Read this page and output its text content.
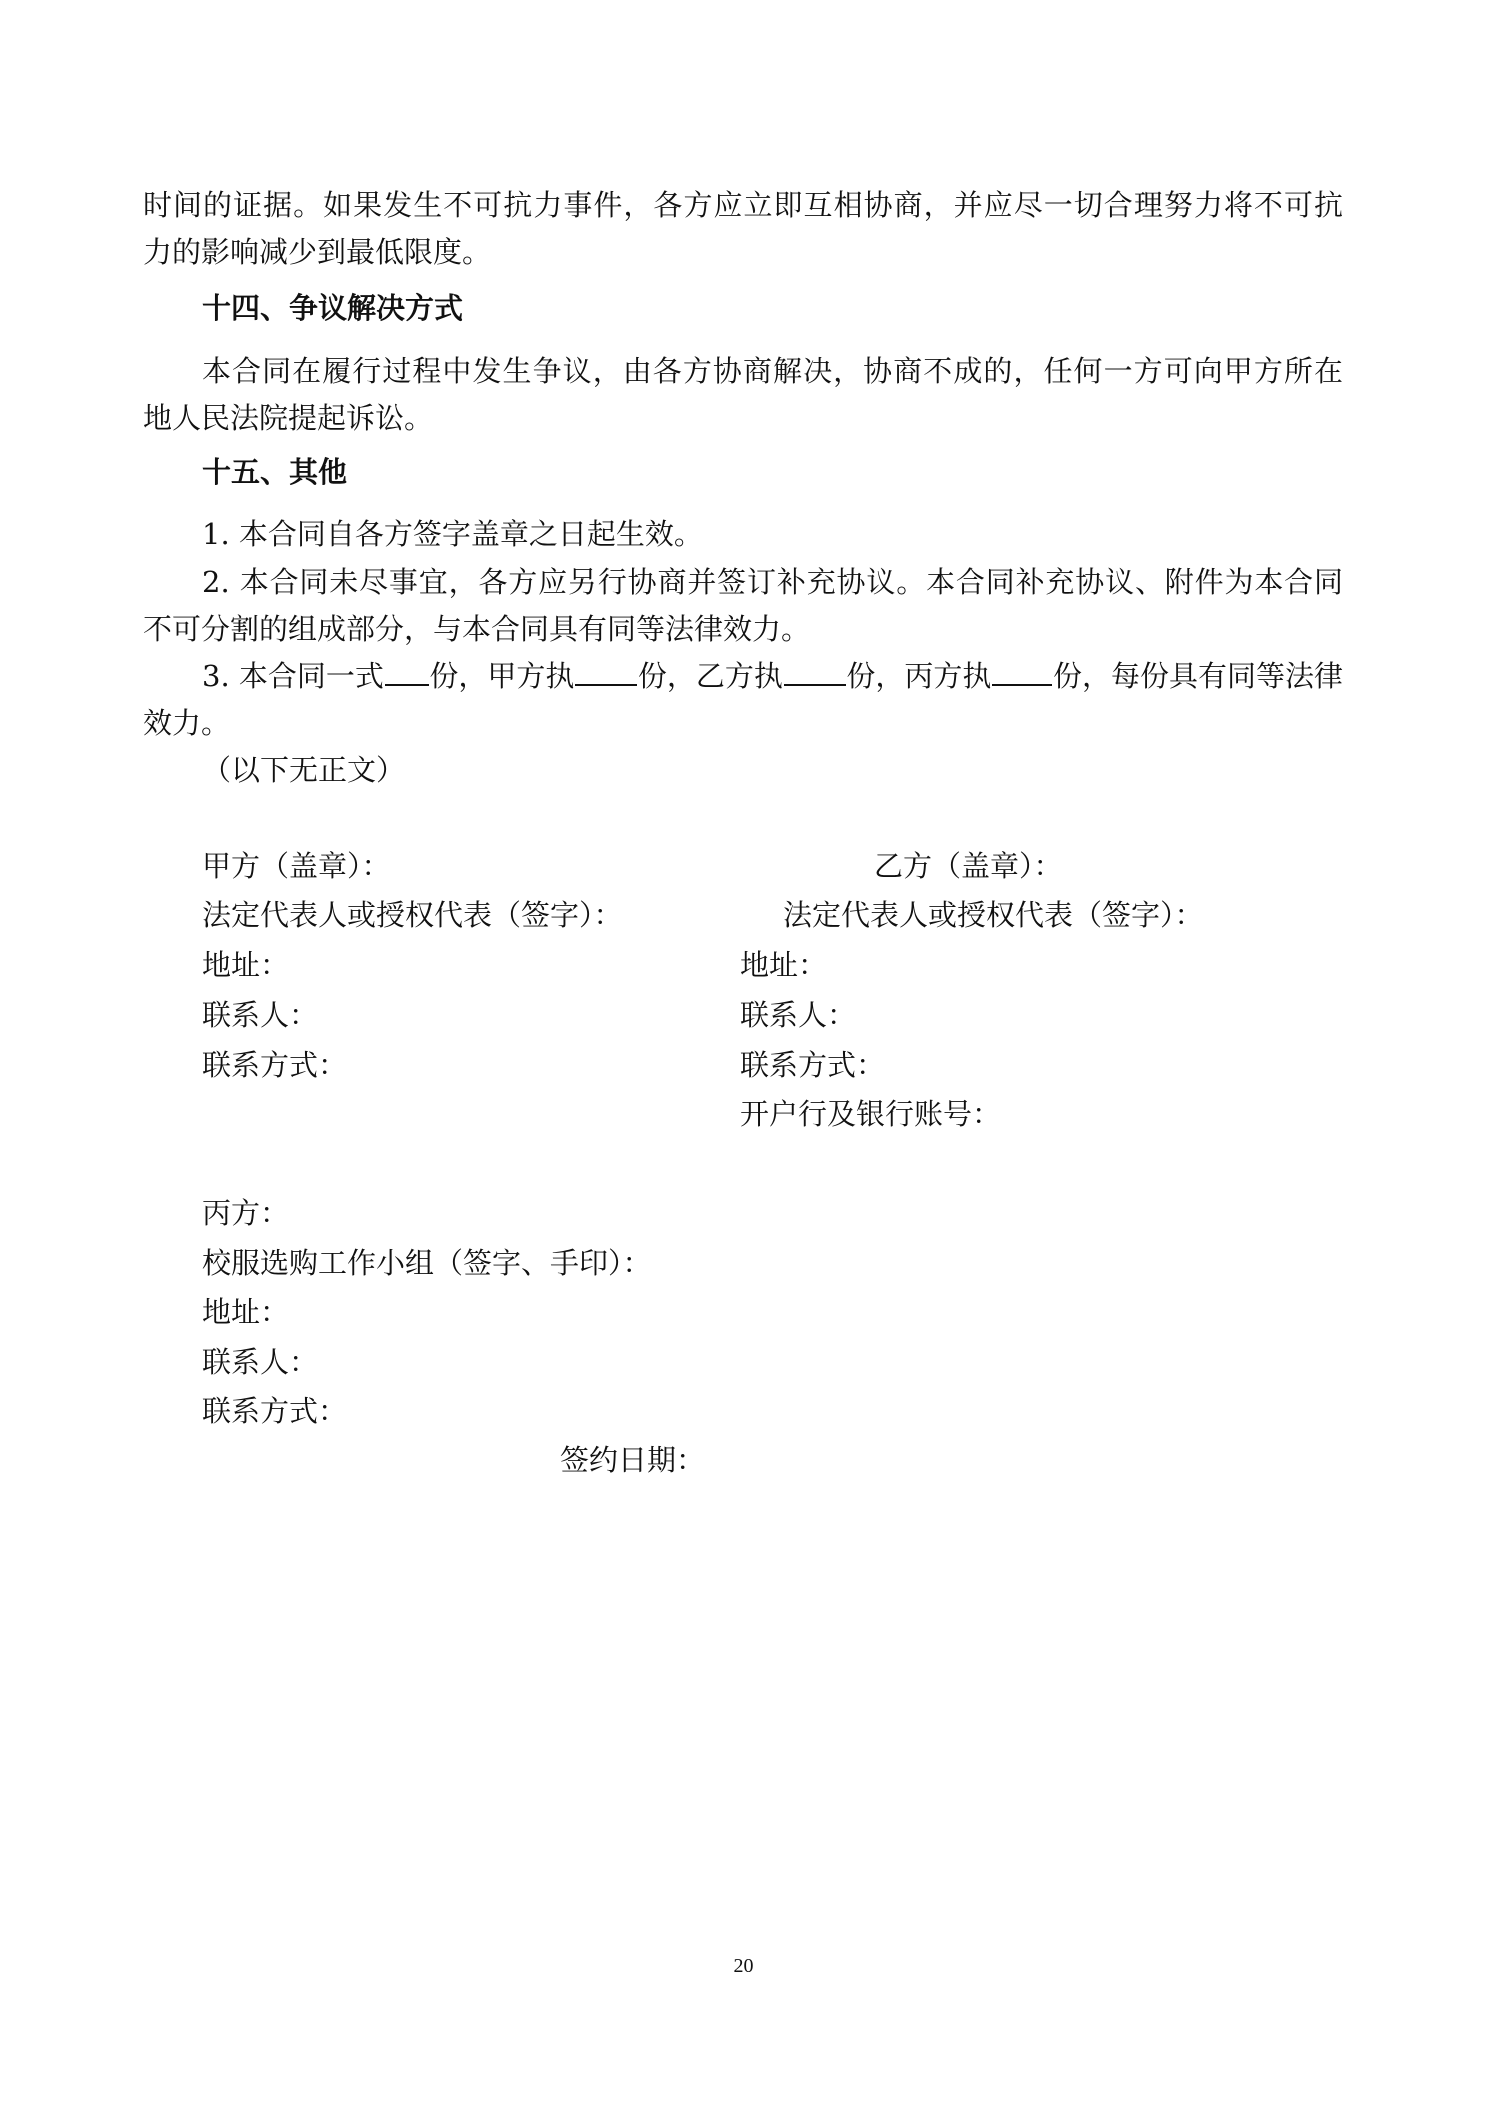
时间的证据。如果发生不可抗力事件，各方应立即互相协商，并应尽一切合理努力将不可抗
力的影响减少到最低限度。
十四、争议解决方式
本合同在履行过程中发生争议，由各方协商解决，协商不成的，任何一方可向甲方所在
地人民法院提起诉讼。
十五、其他
1. 本合同自各方签字盖章之日起生效。
2. 本合同未尽事宜，各方应另行协商并签订补充协议。本合同补充协议、附件为本合同
不可分割的组成部分，与本合同具有同等法律效力。
3. 本合同一式 份，甲方执 份，乙方执 份，丙方执 份，每份具有同等法律
效力。
（以下无正文）
甲方（盖章）：
法定代表人或授权代表（签字）：
地址：
联系人：
联系方式：
乙方（盖章）：
法定代表人或授权代表（签字）：
地址：
联系人：
联系方式：
开户行及银行账号：
丙方：
校服选购工作小组（签字、手印）：
地址：
联系人：
联系方式：
签约日期：
20
